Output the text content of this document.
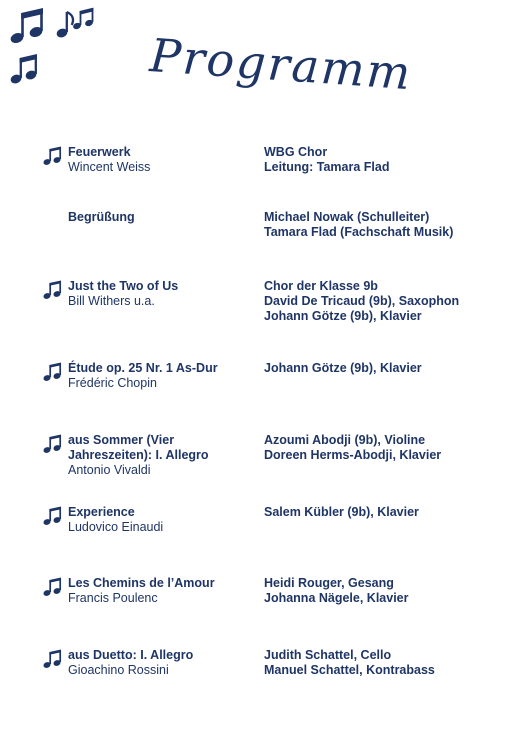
Programm
Feuerwerk
Wincent Weiss
WBG Chor
Leitung: Tamara Flad
Begrüßung	Michael Nowak (Schulleiter)
Tamara Flad (Fachschaft Musik)
Just the Two of Us
Bill Withers u.a.
Chor der Klasse 9b
David De Tricaud (9b), Saxophon
Johann Götze (9b), Klavier
Étude op. 25 Nr. 1 As-Dur
Frédéric Chopin
Johann Götze (9b), Klavier
aus Sommer (Vier Jahreszeiten): I. Allegro
Antonio Vivaldi
Azoumi Abodji (9b), Violine
Doreen Herms-Abodji, Klavier
Experience
Ludovico Einaudi
Salem Kübler (9b), Klavier
Les Chemins de l’Amour
Francis Poulenc
Heidi Rouger, Gesang
Johanna Nägele, Klavier
aus Duetto: I. Allegro
Gioachino Rossini
Judith Schattel, Cello
Manuel Schattel, Kontrabass
